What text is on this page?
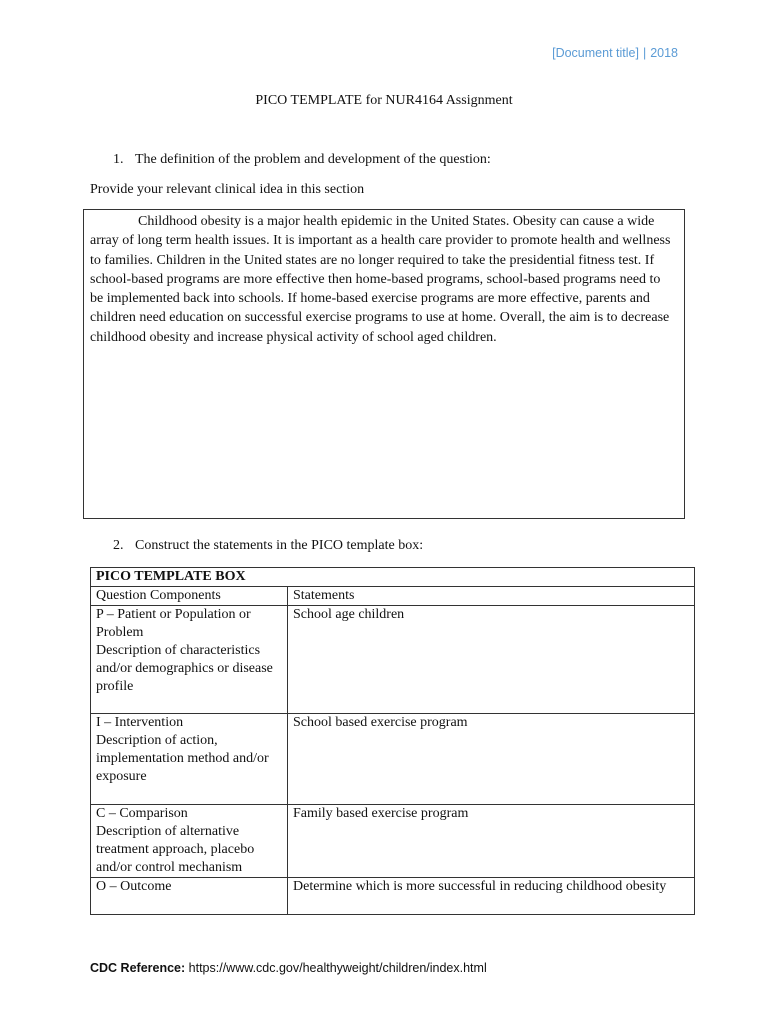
[Document title] | 2018
PICO TEMPLATE for NUR4164 Assignment
1. The definition of the problem and development of the question:
Provide your relevant clinical idea in this section

Childhood obesity is a major health epidemic in the United States. Obesity can cause a wide array of long term health issues. It is important as a health care provider to promote health and wellness to families. Children in the United states are no longer required to take the presidential fitness test. If school-based programs are more effective then home-based programs, school-based programs need to be implemented back into schools. If home-based exercise programs are more effective, parents and children need education on successful exercise programs to use at home. Overall, the aim is to decrease childhood obesity and increase physical activity of school aged children.

2. Construct the statements in the PICO template box:
PICO TEMPLATE BOX	
Question Components	Statements

P – Patient or Population or Problem
Description of characteristics and/or demographics or disease profile	School age children

I – Intervention
Description of action, implementation method and/or exposure	School based exercise program

C – Comparison
Description of alternative treatment approach, placebo and/or control mechanism	Family based exercise program

O – Outcome	Determine which is more successful in reducing childhood obesity
CDC Reference: https://www.cdc.gov/healthyweight/children/index.html
